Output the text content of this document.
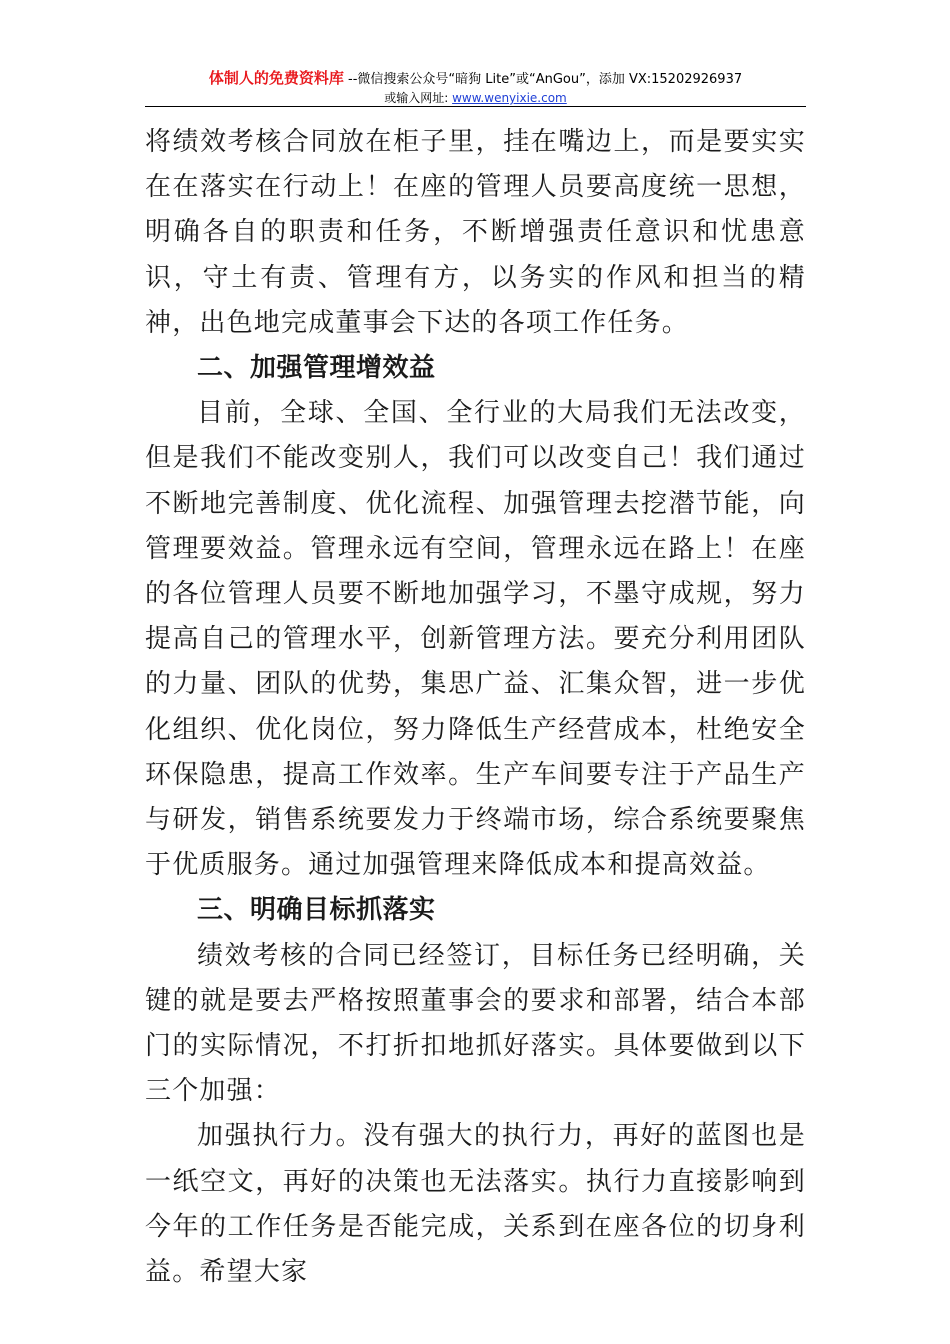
体制人的免费资料库 --微信搜索公众号“暗狗 Lite”或“AnGou”，添加 VX:15202926937
或输入网址: www.wenyixie.com

将绩效考核合同放在柜子里，挂在嘴边上，而是要实实在在落实在行动上！在座的管理人员要高度统一思想，明确各自的职责和任务，不断增强责任意识和忧患意识，守土有责、管理有方，以务实的作风和担当的精神，出色地完成董事会下达的各项工作任务。

二、加强管理增效益

目前，全球、全国、全行业的大局我们无法改变，但是我们不能改变别人，我们可以改变自己！我们通过不断地完善制度、优化流程、加强管理去挖潜节能，向管理要效益。管理永远有空间，管理永远在路上！在座的各位管理人员要不断地加强学习，不墨守成规，努力提高自己的管理水平，创新管理方法。要充分利用团队的力量、团队的优势，集思广益、汇集众智，进一步优化组织、优化岗位，努力降低生产经营成本，杜绝安全环保隐患，提高工作效率。生产车间要专注于产品生产与研发，销售系统要发力于终端市场，综合系统要聚焦于优质服务。通过加强管理来降低成本和提高效益。

三、明确目标抓落实

绩效考核的合同已经签订，目标任务已经明确，关键的就是要去严格按照董事会的要求和部署，结合本部门的实际情况，不打折扣地抓好落实。具体要做到以下三个加强：

加强执行力。没有强大的执行力，再好的蓝图也是一纸空文，再好的决策也无法落实。执行力直接影响到今年的工作任务是否能完成，关系到在座各位的切身利益。希望大家
